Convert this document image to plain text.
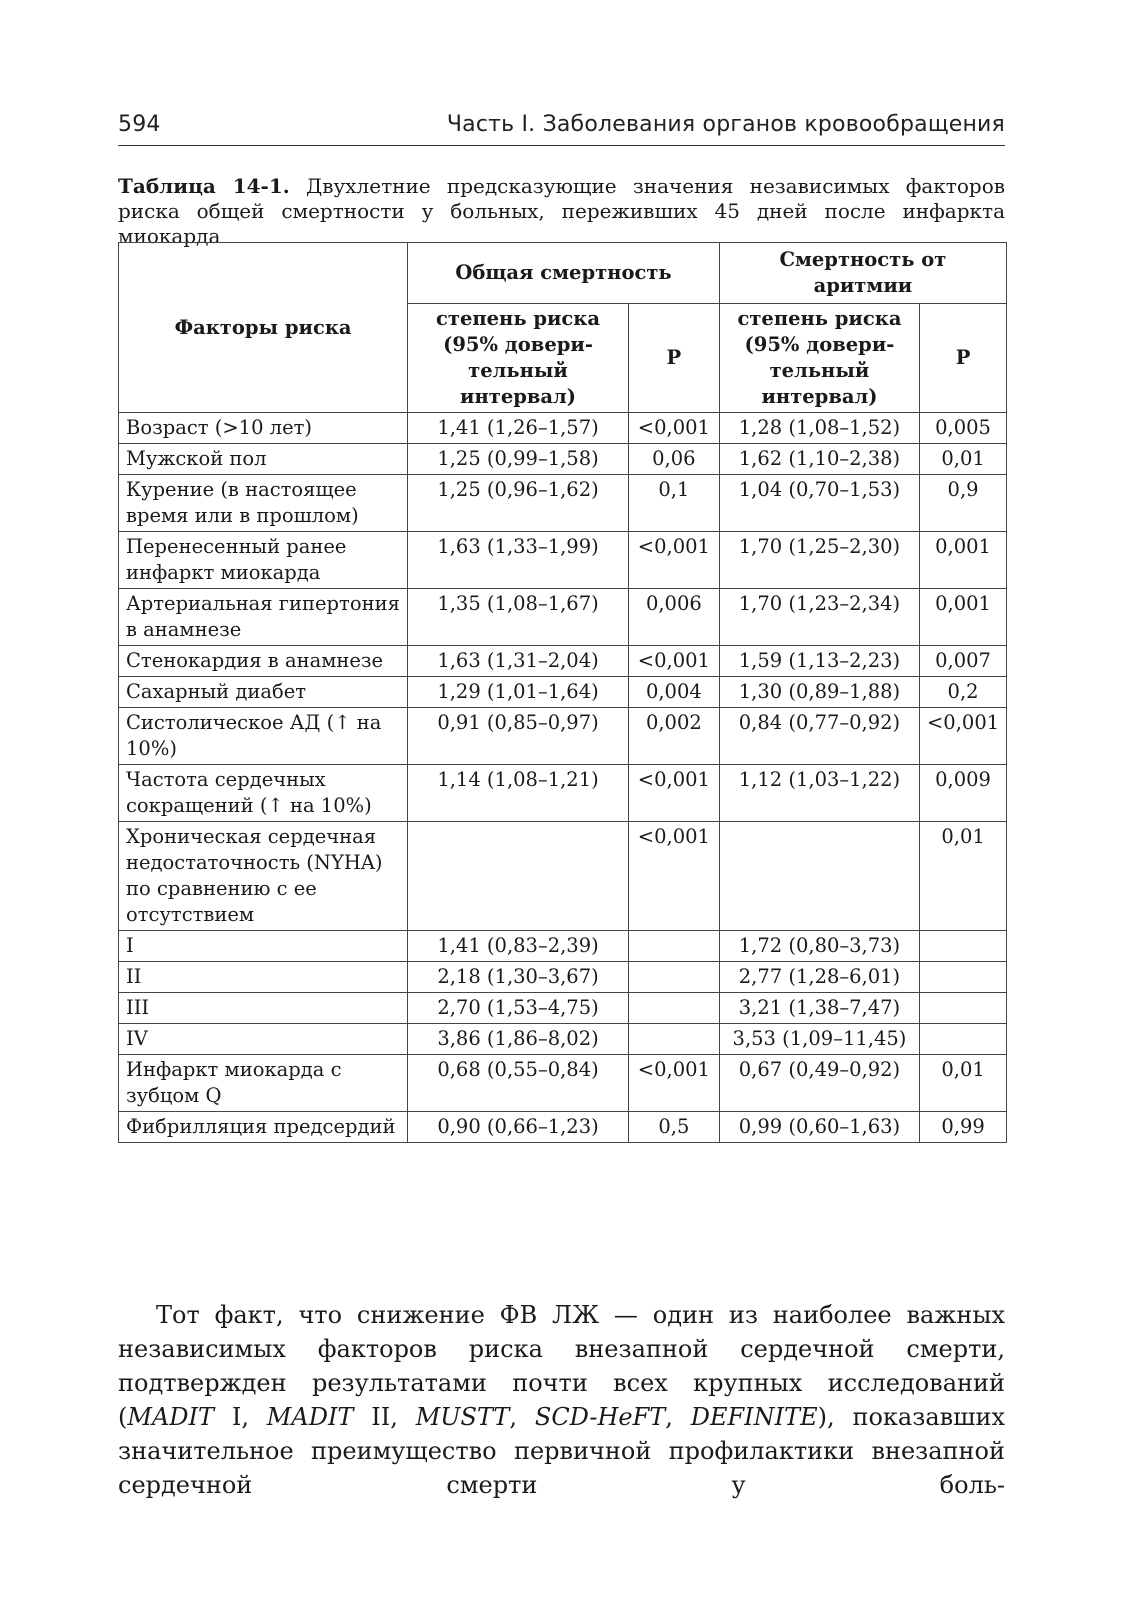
594	Часть I. Заболевания органов кровообращения
Таблица 14-1. Двухлетние предсказующие значения независимых факторов риска общей смертности у больных, переживших 45 дней после инфаркта миокарда
Факторы риска	Общая смертность		Смертность от аритмии	
	степень риска (95% довери-тельный интервал)	P	степень риска (95% довери-тельный интервал)	P
Возраст (>10 лет)	1,41 (1,26–1,57)	<0,001	1,28 (1,08–1,52)	0,005
Мужской пол	1,25 (0,99–1,58)	0,06	1,62 (1,10–2,38)	0,01
Курение (в настоящее время или в прошлом)	1,25 (0,96–1,62)	0,1	1,04 (0,70–1,53)	0,9
Перенесенный ранее инфаркт миокарда	1,63 (1,33–1,99)	<0,001	1,70 (1,25–2,30)	0,001
Артериальная гипертония в анамнезе	1,35 (1,08–1,67)	0,006	1,70 (1,23–2,34)	0,001
Стенокардия в анамнезе	1,63 (1,31–2,04)	<0,001	1,59 (1,13–2,23)	0,007
Сахарный диабет	1,29 (1,01–1,64)	0,004	1,30 (0,89–1,88)	0,2
Систолическое АД (↑ на 10%)	0,91 (0,85–0,97)	0,002	0,84 (0,77–0,92)	<0,001
Частота сердечных сокращений (↑ на 10%)	1,14 (1,08–1,21)	<0,001	1,12 (1,03–1,22)	0,009
Хроническая сердечная недостаточность (NYHA) по сравнению с ее отсутствием		<0,001		0,01
I	1,41 (0,83–2,39)		1,72 (0,80–3,73)	
II	2,18 (1,30–3,67)		2,77 (1,28–6,01)	
III	2,70 (1,53–4,75)		3,21 (1,38–7,47)	
IV	3,86 (1,86–8,02)		3,53 (1,09–11,45)	
Инфаркт миокарда с зубцом Q	0,68 (0,55–0,84)	<0,001	0,67 (0,49–0,92)	0,01
Фибрилляция предсердий	0,90 (0,66–1,23)	0,5	0,99 (0,60–1,63)	0,99
Тот факт, что снижение ФВ ЛЖ — один из наиболее важных независимых факторов риска внезапной сердечной смерти, подтвержден результатами почти всех крупных исследований (MADIT I, MADIT II, MUSTT, SCD-HeFT, DEFINITE), показавших значительное преимущество первичной профилактики внезапной сердечной смерти у боль-
